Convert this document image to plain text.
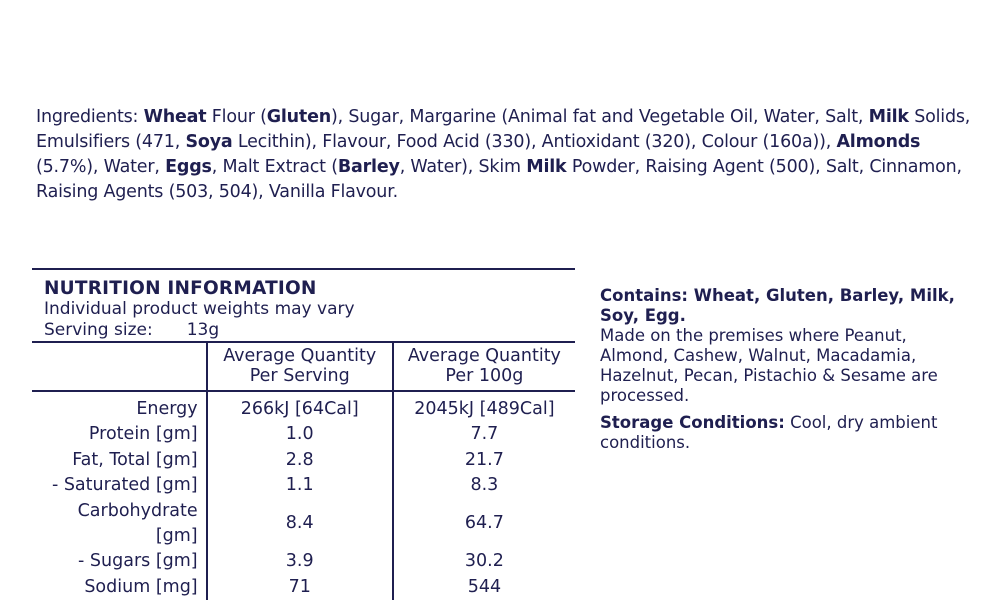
Ingredients: Wheat Flour (Gluten), Sugar, Margarine (Animal fat and Vegetable Oil, Water, Salt, Milk Solids, Emulsifiers (471, Soya Lecithin), Flavour, Food Acid (330), Antioxidant (320), Colour (160a)), Almonds (5.7%), Water, Eggs, Malt Extract (Barley, Water), Skim Milk Powder, Raising Agent (500), Salt, Cinnamon, Raising Agents (503, 504), Vanilla Flavour.
NUTRITION INFORMATION
Individual product weights may vary
Serving size: 13g
	Average Quantity Per Serving	Average Quantity Per 100g
Energy	266kJ [64Cal]	2045kJ [489Cal]
Protein [gm]	1.0	7.7
Fat, Total [gm]	2.8	21.7
- Saturated [gm]	1.1	8.3
Carbohydrate [gm]	8.4	64.7
- Sugars [gm]	3.9	30.2
Sodium [mg]	71	544
Contains: Wheat, Gluten, Barley, Milk, Soy, Egg.
Made on the premises where Peanut, Almond, Cashew, Walnut, Macadamia, Hazelnut, Pecan, Pistachio & Sesame are processed.
Storage Conditions: Cool, dry ambient conditions.
